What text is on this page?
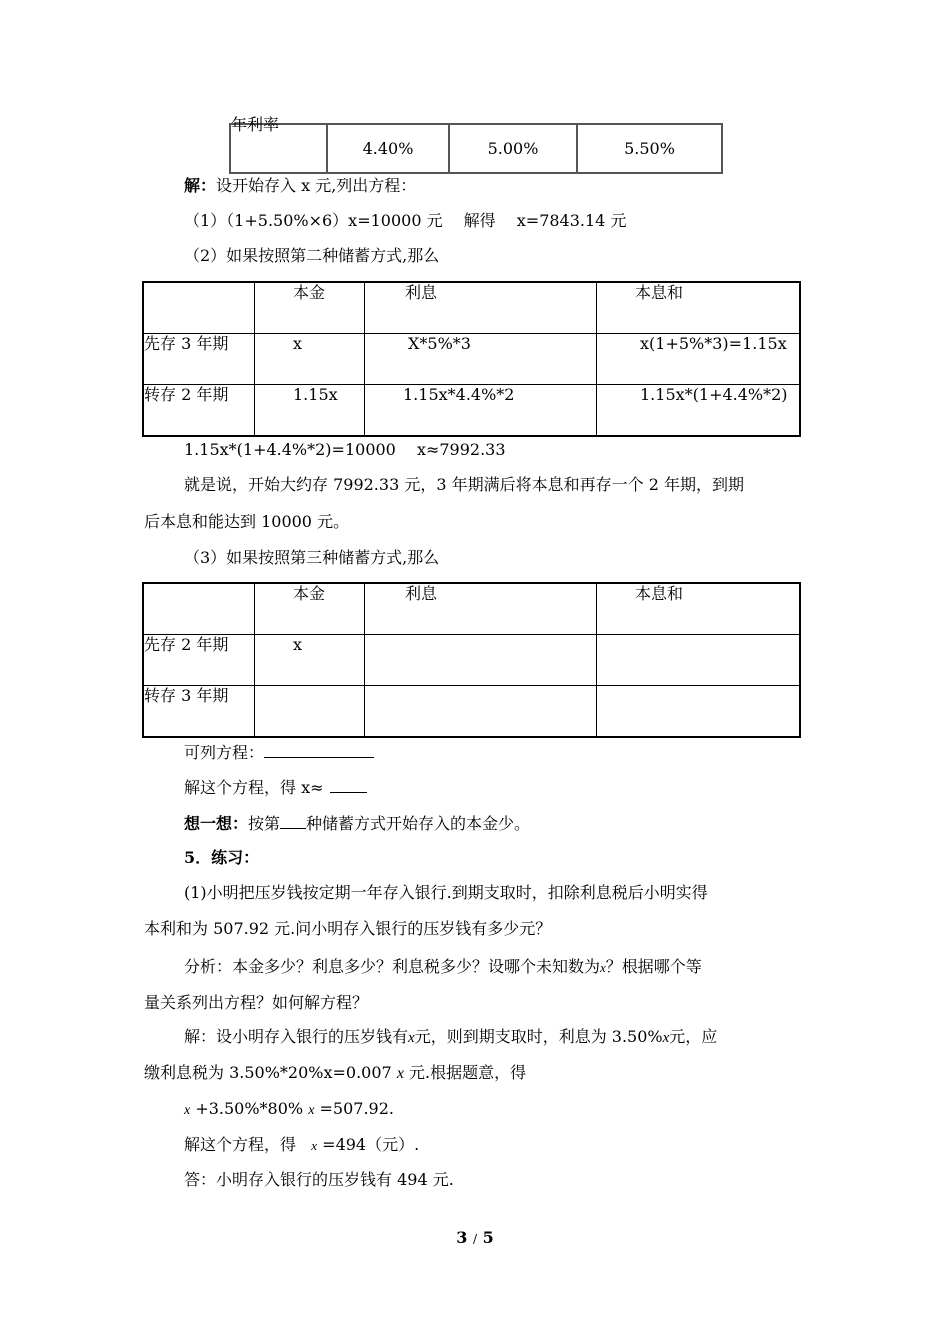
年利率	4.40%	5.00%	5.50%
解：设开始存入 x 元,列出方程：
（1）（1+5.50%×6）x=10000 元　 解得　 x=7843.14 元
（2）如果按照第二种储蓄方式,那么
	本金	利息	本息和
先存 3 年期	x	X*5%*3	x(1+5%*3)=1.15x
转存 2 年期	1.15x	1.15x*4.4%*2	1.15x*(1+4.4%*2)
1.15x*(1+4.4%*2)=10000　 x≈7992.33
就是说，开始大约存 7992.33 元，3 年期满后将本息和再存一个 2 年期，到期
后本息和能达到 10000 元。
（3）如果按照第三种储蓄方式,那么
	本金	利息	本息和
先存 2 年期	x		
转存 3 年期			
可列方程：
解这个方程，得 x≈
想一想：按第 种储蓄方式开始存入的本金少。
5．练习：
(1)小明把压岁钱按定期一年存入银行.到期支取时，扣除利息税后小明实得
本利和为 507.92 元.问小明存入银行的压岁钱有多少元？
分析：本金多少？利息多少？利息税多少？设哪个未知数为x？根据哪个等
量关系列出方程？如何解方程？
解：设小明存入银行的压岁钱有x元，则到期支取时，利息为 3.50%x元，应
缴利息税为 3.50%*20%x=0.007 x 元.根据题意，得
x +3.50%*80% x =507.92.
解这个方程，得 x =494（元）.
答：小明存入银行的压岁钱有 494 元.
3 / 5
